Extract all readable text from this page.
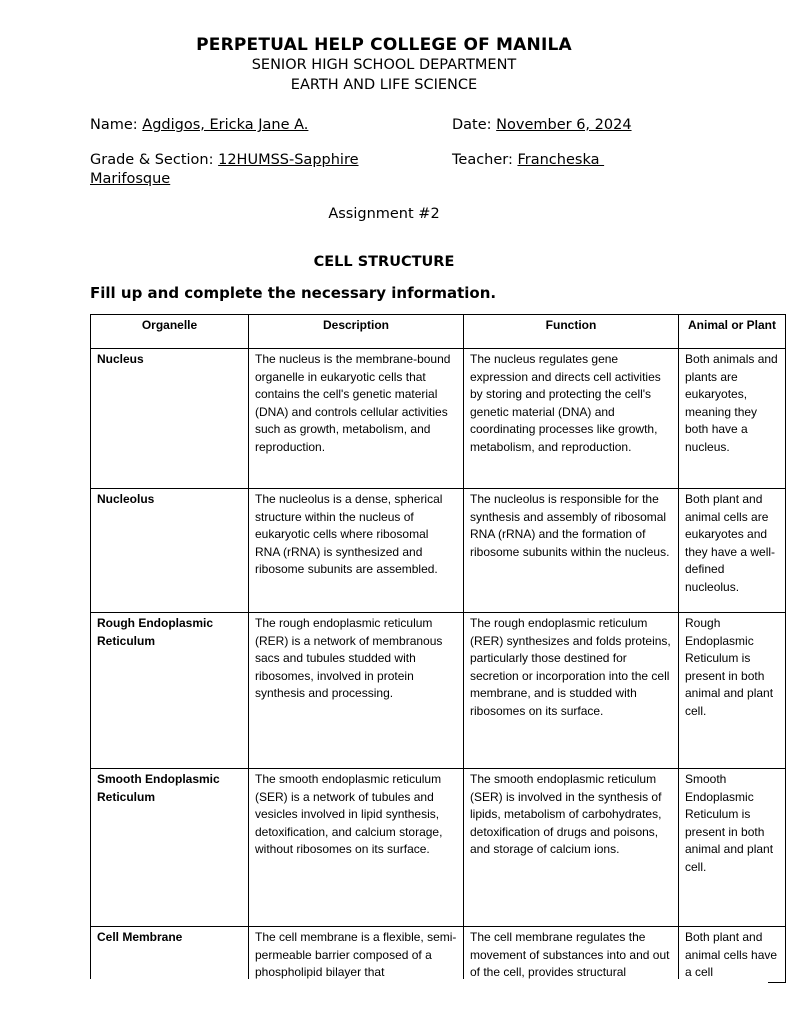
PERPETUAL HELP COLLEGE OF MANILA
SENIOR HIGH SCHOOL DEPARTMENT
EARTH AND LIFE SCIENCE
Name: Agdigos, Ericka Jane A.	Date: November 6, 2024
Grade & Section: 12HUMSS-Sapphire
Marifosque
Teacher: Francheska
Assignment #2
CELL STRUCTURE
Fill up and complete the necessary information.
Organelle	Description	Function	Animal or Plant
Nucleus	The nucleus is the membrane-bound organelle in eukaryotic cells that contains the cell's genetic material (DNA) and controls cellular activities such as growth, metabolism, and reproduction.	The nucleus regulates gene expression and directs cell activities by storing and protecting the cell's genetic material (DNA) and coordinating processes like growth, metabolism, and reproduction.	Both animals and plants are eukaryotes, meaning they both have a nucleus.
Nucleolus	The nucleolus is a dense, spherical structure within the nucleus of eukaryotic cells where ribosomal RNA (rRNA) is synthesized and ribosome subunits are assembled.	The nucleolus is responsible for the synthesis and assembly of ribosomal RNA (rRNA) and the formation of ribosome subunits within the nucleus.	Both plant and animal cells are eukaryotes and they have a well-defined nucleolus.
Rough Endoplasmic Reticulum	The rough endoplasmic reticulum (RER) is a network of membranous sacs and tubules studded with ribosomes, involved in protein synthesis and processing.	The rough endoplasmic reticulum (RER) synthesizes and folds proteins, particularly those destined for secretion or incorporation into the cell membrane, and is studded with ribosomes on its surface.	Rough Endoplasmic Reticulum is present in both animal and plant cell.
Smooth Endoplasmic Reticulum	The smooth endoplasmic reticulum (SER) is a network of tubules and vesicles involved in lipid synthesis, detoxification, and calcium storage, without ribosomes on its surface.	The smooth endoplasmic reticulum (SER) is involved in the synthesis of lipids, metabolism of carbohydrates, detoxification of drugs and poisons, and storage of calcium ions.	Smooth Endoplasmic Reticulum is present in both animal and plant cell.
Cell Membrane	The cell membrane is a flexible, semi-permeable barrier composed of a phospholipid bilayer that	The cell membrane regulates the movement of substances into and out of the cell, provides structural	Both plant and animal cells have a cell
